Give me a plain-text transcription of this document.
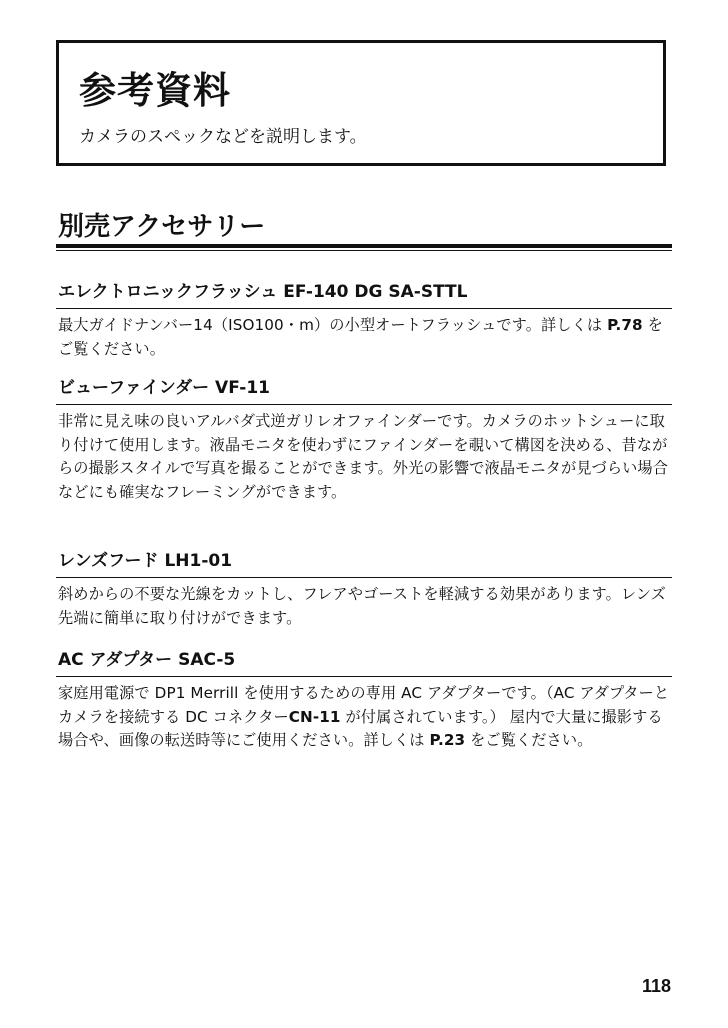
参考資料

カメラのスペックなどを説明します。

別売アクセサリー
エレクトロニックフラッシュ EF-140 DG SA-STTL

最大ガイドナンバー14（ISO100・m）の小型オートフラッシュです。詳しくは P.78 をご覧ください。

ビューファインダー VF-11

非常に見え味の良いアルバダ式逆ガリレオファインダーです。カメラのホットシューに取り付けて使用します。液晶モニタを使わずにファインダーを覗いて構図を決める、昔ながらの撮影スタイルで写真を撮ることができます。外光の影響で液晶モニタが見づらい場合などにも確実なフレーミングができます。

レンズフード LH1-01

斜めからの不要な光線をカットし、フレアやゴーストを軽減する効果があります。レンズ先端に簡単に取り付けができます。

AC アダプター SAC-5

家庭用電源で DP1 Merrill を使用するための専用 AC アダプターです。（AC アダプターとカメラを接続する DC コネクターCN-11 が付属されています。） 屋内で大量に撮影する場合や、画像の転送時等にご使用ください。詳しくは P.23 をご覧ください。

118
